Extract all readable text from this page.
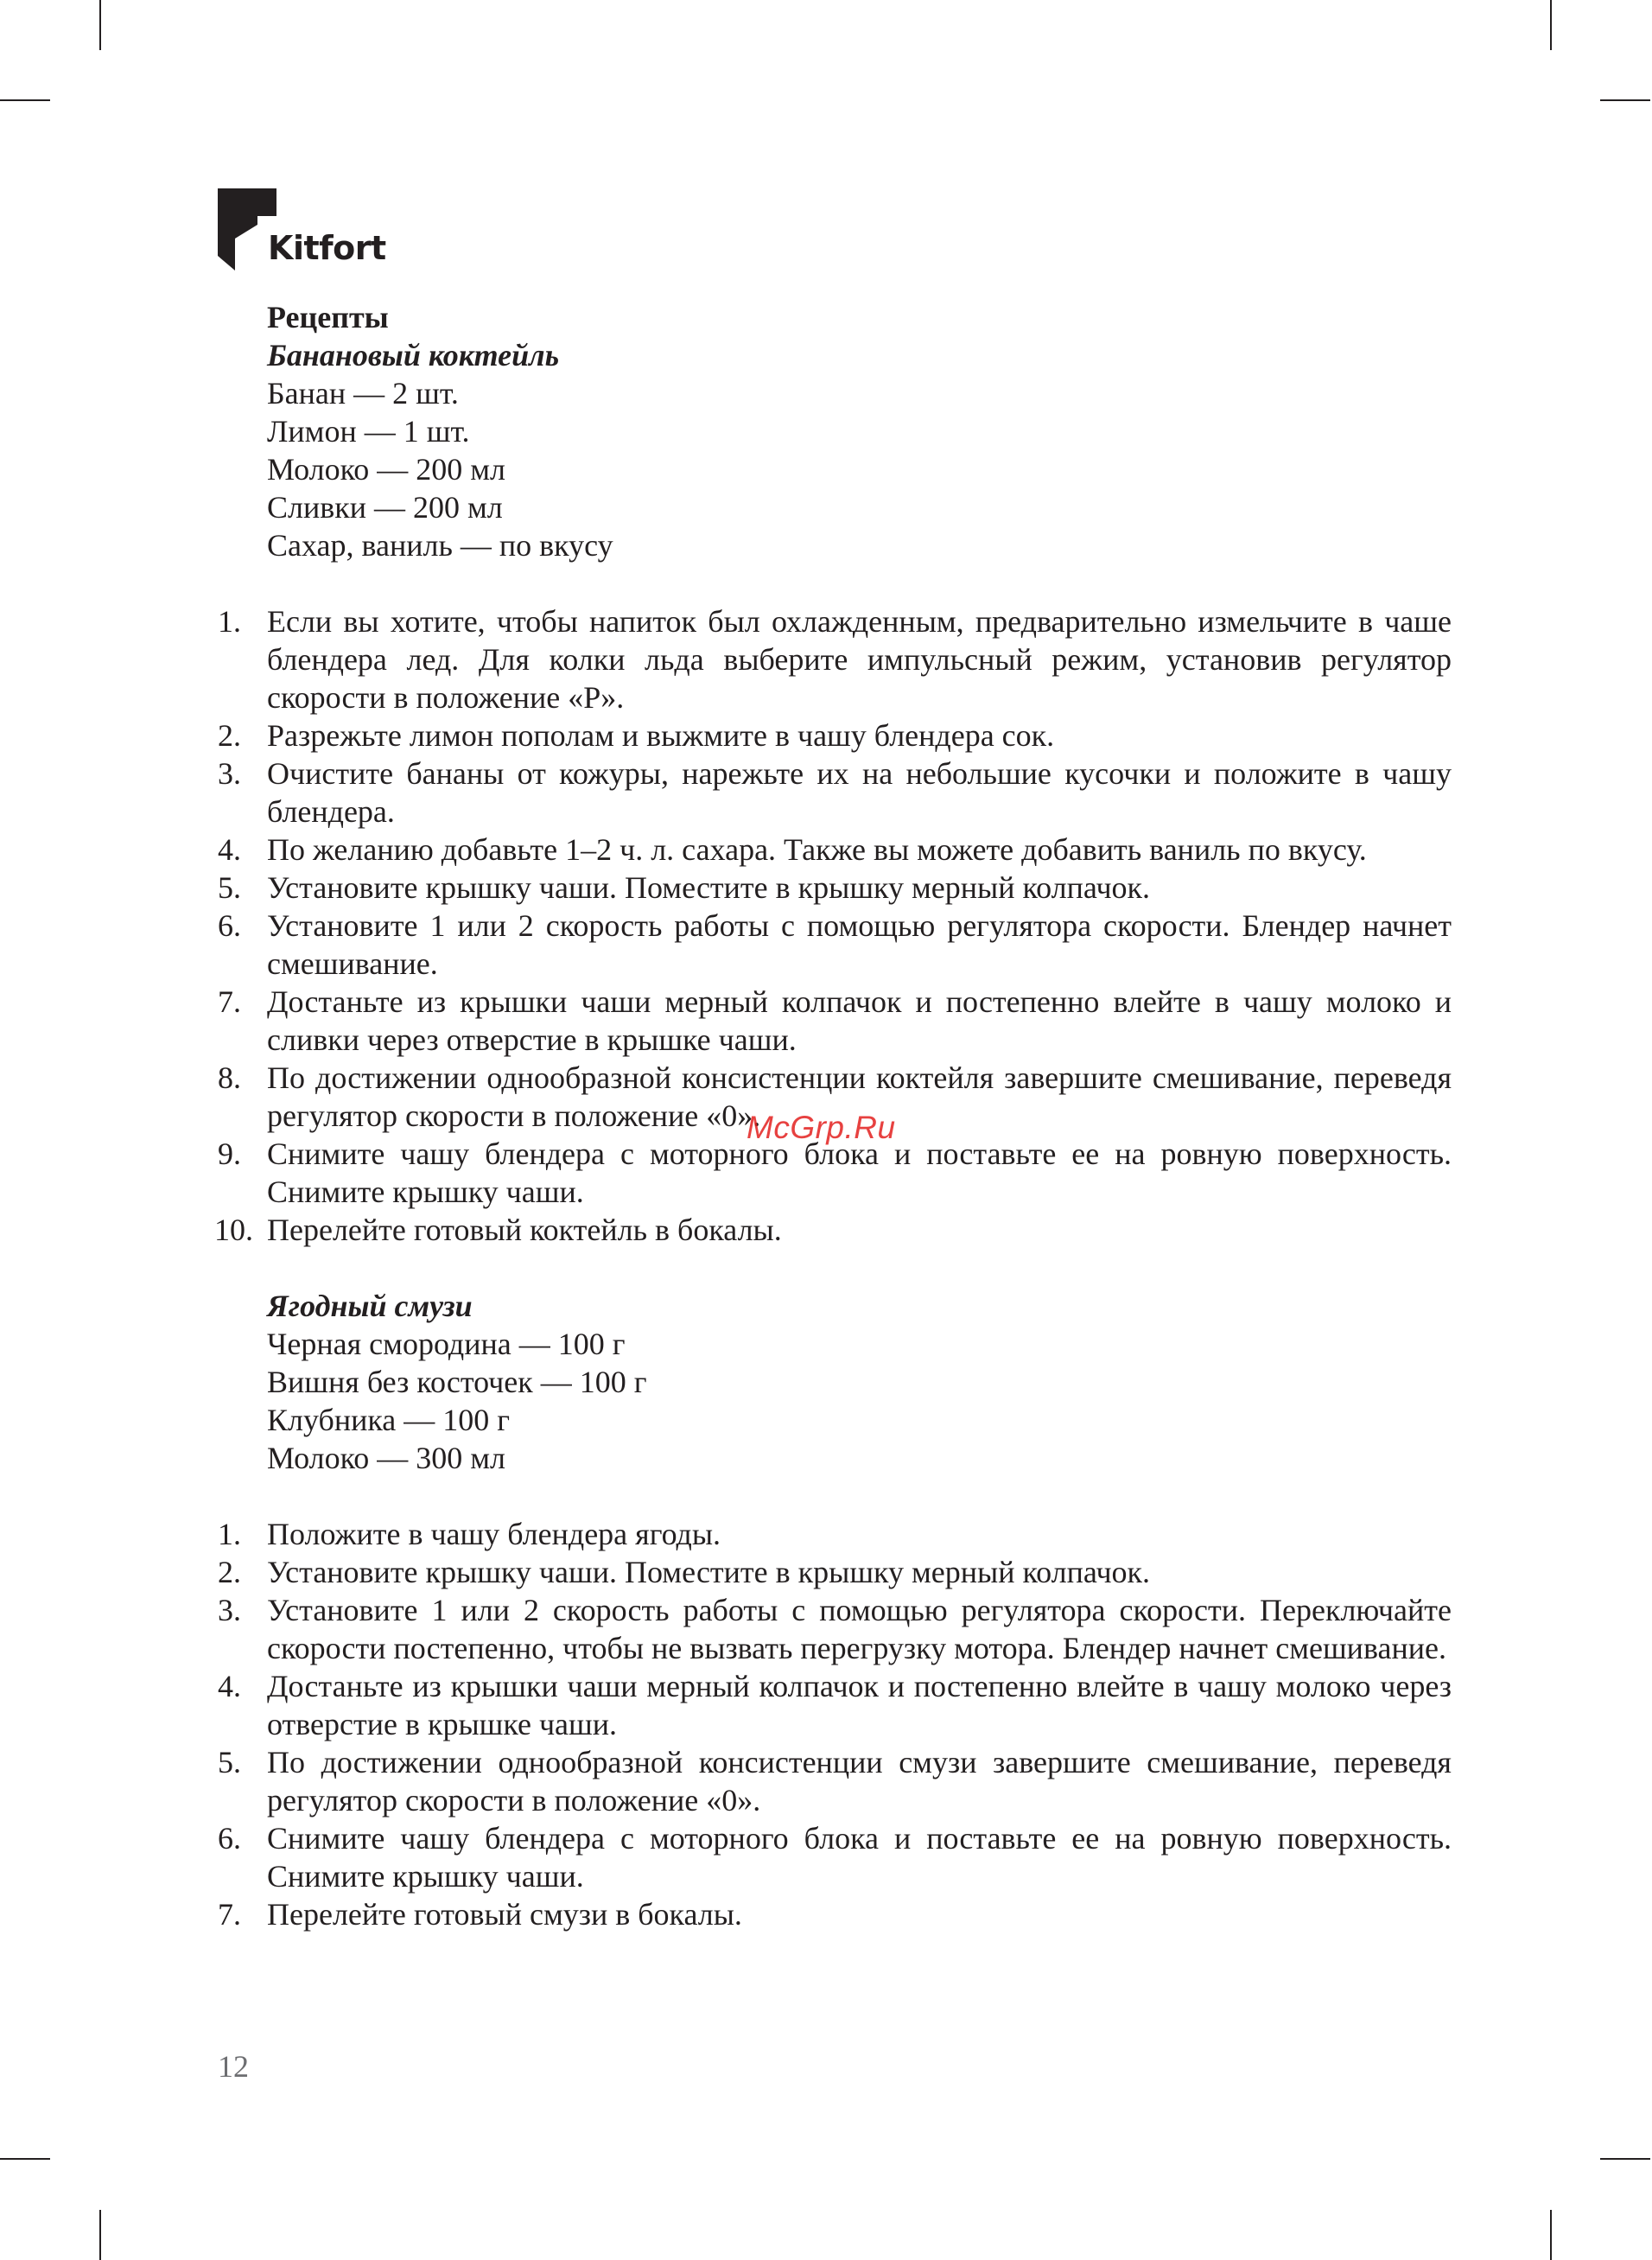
Kitfort
Рецепты
Банановый коктейль
Банан — 2 шт.
Лимон — 1 шт.
Молоко — 200 мл
Сливки — 200 мл
Сахар, ваниль — по вкусу
1. Если вы хотите, чтобы напиток был охлажденным, предварительно измельчите в чаше блендера лед. Для колки льда выберите импульсный режим, установив регулятор скорости в положение «P».
2. Разрежьте лимон пополам и выжмите в чашу блендера сок.
3. Очистите бананы от кожуры, нарежьте их на небольшие кусочки и положите в чашу блендера.
4. По желанию добавьте 1–2 ч. л. сахара. Также вы можете добавить ваниль по вкусу.
5. Установите крышку чаши. Поместите в крышку мерный колпачок.
6. Установите 1 или 2 скорость работы с помощью регулятора скорости. Блендер начнет смешивание.
7. Достаньте из крышки чаши мерный колпачок и постепенно влейте в чашу молоко и сливки через отверстие в крышке чаши.
8. По достижении однообразной консистенции коктейля завершите смешивание, переведя регулятор скорости в положение «0».
9. Снимите чашу блендера с моторного блока и поставьте ее на ровную поверхность. Снимите крышку чаши.
10. Перелейте готовый коктейль в бокалы.
Ягодный смузи
Черная смородина — 100 г
Вишня без косточек — 100 г
Клубника — 100 г
Молоко — 300 мл
1. Положите в чашу блендера ягоды.
2. Установите крышку чаши. Поместите в крышку мерный колпачок.
3. Установите 1 или 2 скорость работы с помощью регулятора скорости. Переключайте скорости постепенно, чтобы не вызвать перегрузку мотора. Блендер начнет смешивание.
4. Достаньте из крышки чаши мерный колпачок и постепенно влейте в чашу молоко через отверстие в крышке чаши.
5. По достижении однообразной консистенции смузи завершите смешивание, переведя регулятор скорости в положение «0».
6. Снимите чашу блендера с моторного блока и поставьте ее на ровную поверхность. Снимите крышку чаши.
7. Перелейте готовый смузи в бокалы.
McGrp.Ru
12
